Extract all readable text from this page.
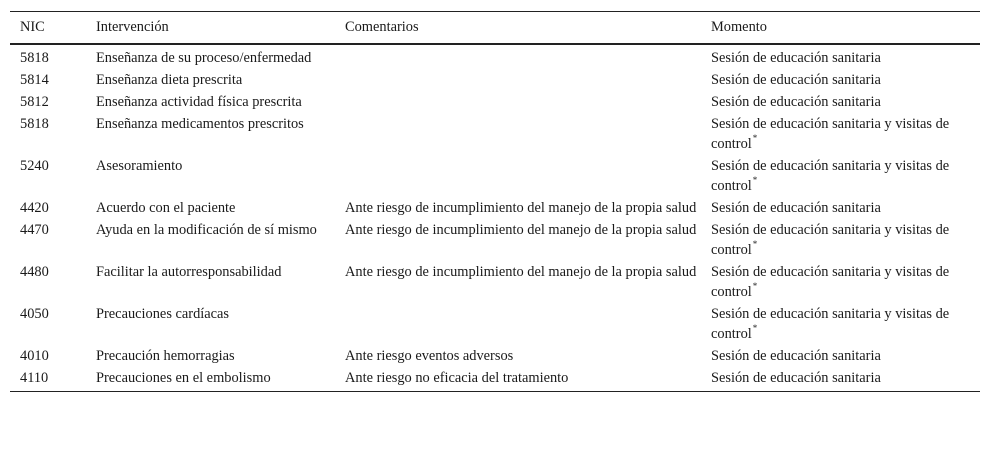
NIC	Intervención	Comentarios	Momento
5818	Enseñanza de su proceso/enfermedad		Sesión de educación sanitaria
5814	Enseñanza dieta prescrita		Sesión de educación sanitaria
5812	Enseñanza actividad física prescrita		Sesión de educación sanitaria
5818	Enseñanza medicamentos prescritos		Sesión de educación sanitaria y visitas de control*
5240	Asesoramiento		Sesión de educación sanitaria y visitas de control*
4420	Acuerdo con el paciente	Ante riesgo de incumplimiento del manejo de la propia salud	Sesión de educación sanitaria
4470	Ayuda en la modificación de sí mismo	Ante riesgo de incumplimiento del manejo de la propia salud	Sesión de educación sanitaria y visitas de control*
4480	Facilitar la autorresponsabilidad	Ante riesgo de incumplimiento del manejo de la propia salud	Sesión de educación sanitaria y visitas de control*
4050	Precauciones cardíacas		Sesión de educación sanitaria y visitas de control*
4010	Precaución hemorragias	Ante riesgo eventos adversos	Sesión de educación sanitaria
4110	Precauciones en el embolismo	Ante riesgo no eficacia del tratamiento	Sesión de educación sanitaria
